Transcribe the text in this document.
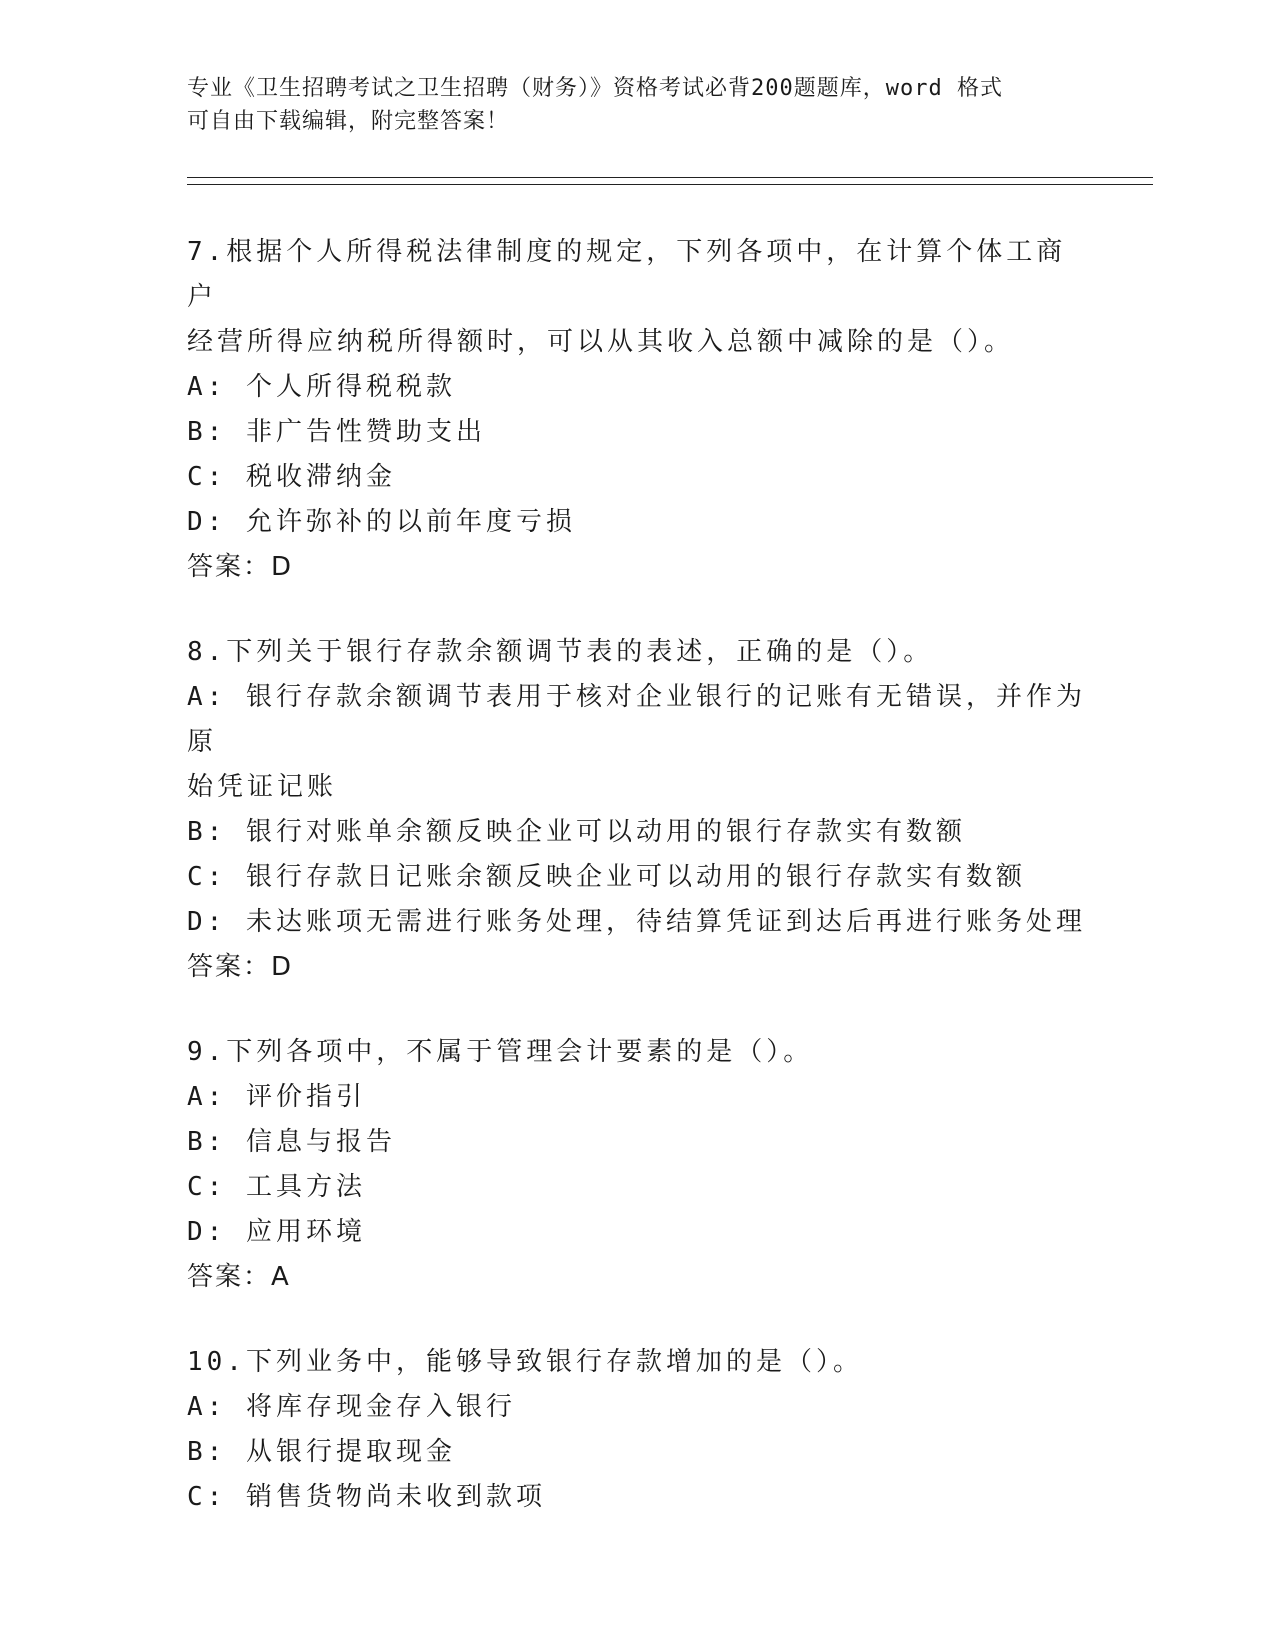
专业《卫生招聘考试之卫生招聘（财务）》资格考试必背200题题库，word 格式
可自由下载编辑，附完整答案！
7.根据个人所得税法律制度的规定，下列各项中，在计算个体工商户
经营所得应纳税所得额时，可以从其收入总额中减除的是（）。
A: 个人所得税税款
B: 非广告性赞助支出
C: 税收滞纳金
D: 允许弥补的以前年度亏损
答案：D
8.下列关于银行存款余额调节表的表述，正确的是（）。
A: 银行存款余额调节表用于核对企业银行的记账有无错误，并作为原
始凭证记账
B: 银行对账单余额反映企业可以动用的银行存款实有数额
C: 银行存款日记账余额反映企业可以动用的银行存款实有数额
D: 未达账项无需进行账务处理，待结算凭证到达后再进行账务处理
答案：D
9.下列各项中，不属于管理会计要素的是（）。
A: 评价指引
B: 信息与报告
C: 工具方法
D: 应用环境
答案：A
10.下列业务中，能够导致银行存款增加的是（）。
A: 将库存现金存入银行
B: 从银行提取现金
C: 销售货物尚未收到款项
